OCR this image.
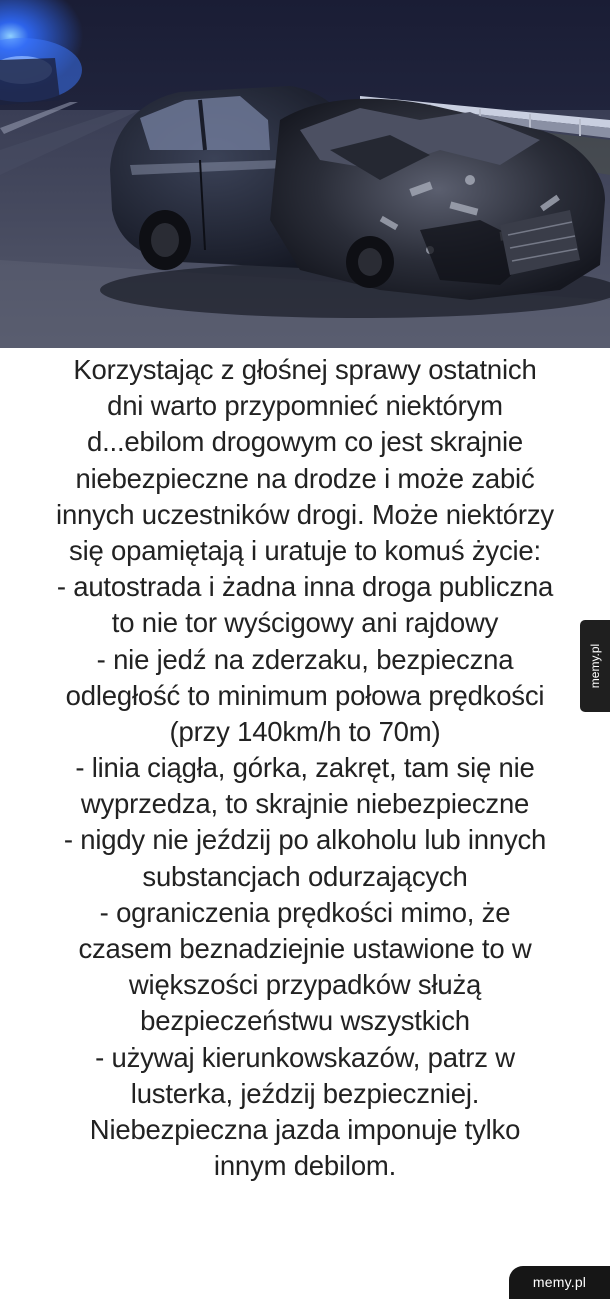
Korzystając z głośnej sprawy ostatnich
dni warto przypomnieć niektórym
d...ebilom drogowym co jest skrajnie
niebezpieczne na drodze i może zabić
innych uczestników drogi. Może niektórzy
się opamiętają i uratuje to komuś życie:
- autostrada i żadna inna droga publiczna
to nie tor wyścigowy ani rajdowy
- nie jedź na zderzaku, bezpieczna
odległość to minimum połowa prędkości
(przy 140km/h to 70m)
- linia ciągła, górka, zakręt, tam się nie
wyprzedza, to skrajnie niebezpieczne
- nigdy nie jeździj po alkoholu lub innych
substancjach odurzających
- ograniczenia prędkości mimo, że
czasem beznadziejnie ustawione to w
większości przypadków służą
bezpieczeństwu wszystkich
- używaj kierunkowskazów, patrz w
lusterka, jeździj bezpieczniej.
Niebezpieczna jazda imponuje tylko
innym debilom.
memy.pl
memy.pl
